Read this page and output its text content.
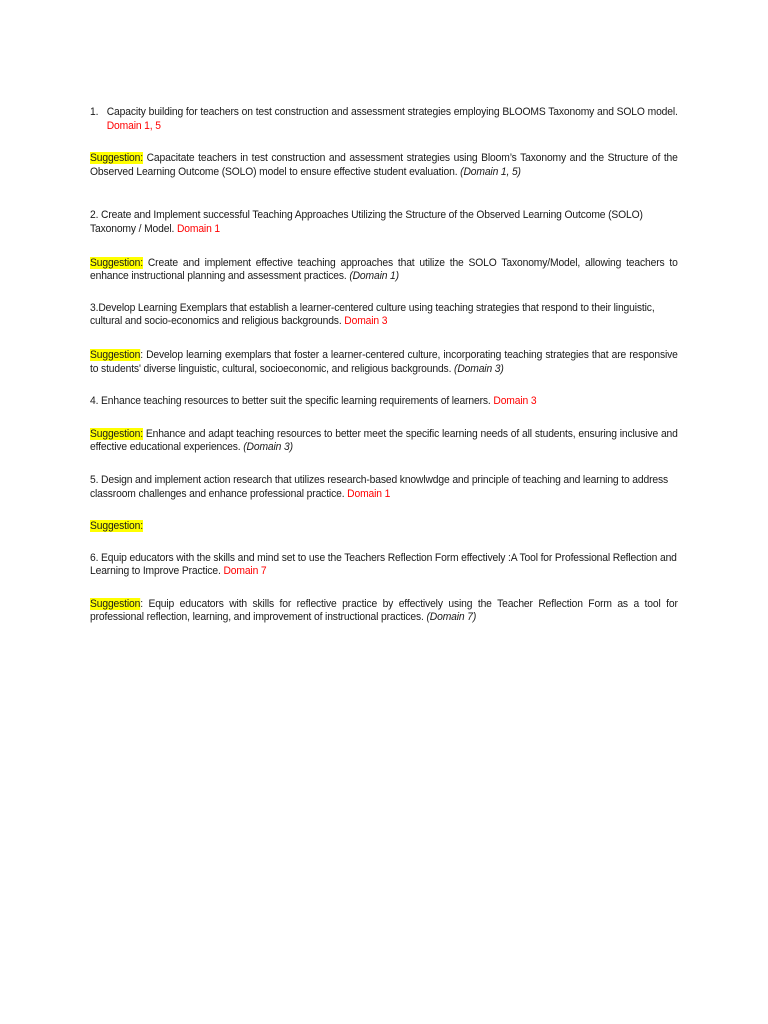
1. Capacity building for teachers on test construction and assessment strategies employing BLOOMS Taxonomy and SOLO model. Domain 1, 5

Suggestion: Capacitate teachers in test construction and assessment strategies using Bloom’s Taxonomy and the Structure of the Observed Learning Outcome (SOLO) model to ensure effective student evaluation. (Domain 1, 5)

2. Create and Implement successful Teaching Approaches Utilizing the Structure of the Observed Learning Outcome (SOLO) Taxonomy / Model. Domain 1

Suggestion: Create and implement effective teaching approaches that utilize the SOLO Taxonomy/Model, allowing teachers to enhance instructional planning and assessment practices. (Domain 1)

3.Develop Learning Exemplars that establish a learner-centered culture using teaching strategies that respond to their linguistic, cultural and socio-economics and religious backgrounds. Domain 3

Suggestion: Develop learning exemplars that foster a learner-centered culture, incorporating teaching strategies that are responsive to students' diverse linguistic, cultural, socioeconomic, and religious backgrounds. (Domain 3)

4. Enhance teaching resources to better suit the specific learning requirements of learners. Domain 3

Suggestion: Enhance and adapt teaching resources to better meet the specific learning needs of all students, ensuring inclusive and effective educational experiences. (Domain 3)

5. Design and implement action research that utilizes research-based knowlwdge and principle of teaching and learning to address classroom challenges and enhance professional practice. Domain 1

Suggestion:

6. Equip educators with the skills and mind set to use the Teachers Reflection Form effectively :A Tool for Professional Reflection and Learning to Improve Practice. Domain 7

Suggestion: Equip educators with skills for reflective practice by effectively using the Teacher Reflection Form as a tool for professional reflection, learning, and improvement of instructional practices. (Domain 7)
